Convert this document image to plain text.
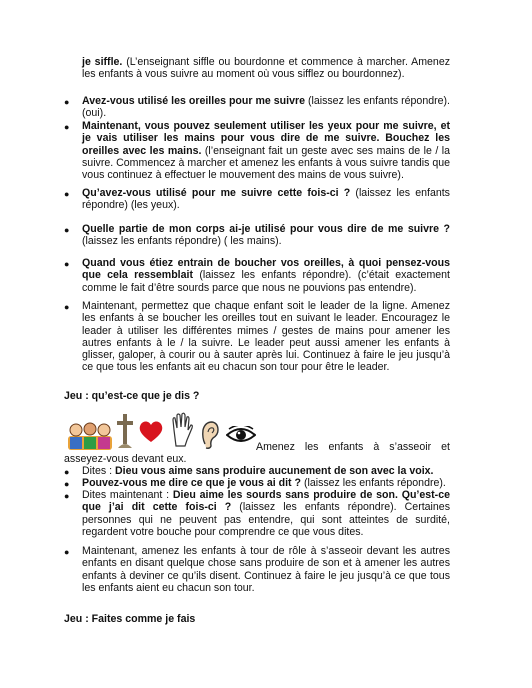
je siffle. (L’enseignant siffle ou bourdonne et commence à marcher. Amenez les enfants à vous suivre au moment où vous sifflez ou bourdonnez).
● Avez-vous utilisé les oreilles pour me suivre (laissez les enfants répondre). (oui).
● Maintenant, vous pouvez seulement utiliser les yeux pour me suivre, et je vais utiliser les mains pour vous dire de me suivre. Bouchez les oreilles avec les mains. (l’enseignant fait un geste avec ses mains de le / la suivre. Commencez à marcher et amenez les enfants à vous suivre tandis que vous continuez à effectuer le mouvement des mains de vous suivre).
● Qu’avez-vous utilisé pour me suivre cette fois-ci ? (laissez les enfants répondre) (les yeux).
● Quelle partie de mon corps ai-je utilisé pour vous dire de me suivre ? (laissez les enfants répondre) ( les mains).
● Quand vous étiez entrain de boucher vos oreilles, à quoi pensez-vous que cela ressemblait (laissez les enfants répondre). (c’était exactement comme le fait d’être sourds parce que nous ne pouvions pas entendre).
● Maintenant, permettez que chaque enfant soit le leader de la ligne. Amenez les enfants à se boucher les oreilles tout en suivant le leader. Encouragez le leader à utiliser les différentes mimes / gestes de mains pour amener les autres enfants à le / la suivre. Le leader peut aussi amener les enfants à glisser, galoper, à courir ou à sauter après lui. Continuez à faire le jeu jusqu’à ce que tous les enfants ait eu chacun son tour pour être le leader.
Jeu : qu’est-ce que je dis ?
Amenez les enfants à s’asseoir et asseyez-vous devant eux.
● Dites : Dieu vous aime sans produire aucunement de son avec la voix.
● Pouvez-vous me dire ce que je vous ai dit ? (laissez les enfants répondre).
● Dites maintenant : Dieu aime les sourds sans produire de son. Qu’est-ce que j’ai dit cette fois-ci ? (laissez les enfants répondre). Certaines personnes qui ne peuvent pas entendre, qui sont atteintes de surdité, regardent votre bouche pour comprendre ce que vous dites.
● Maintenant, amenez les enfants à tour de rôle à s’asseoir devant les autres enfants en disant quelque chose sans produire de son et à amener les autres enfants à deviner ce qu’ils disent. Continuez à faire le jeu jusqu’à ce que tous les enfants aient eu chacun son tour.
Jeu : Faites comme je fais
